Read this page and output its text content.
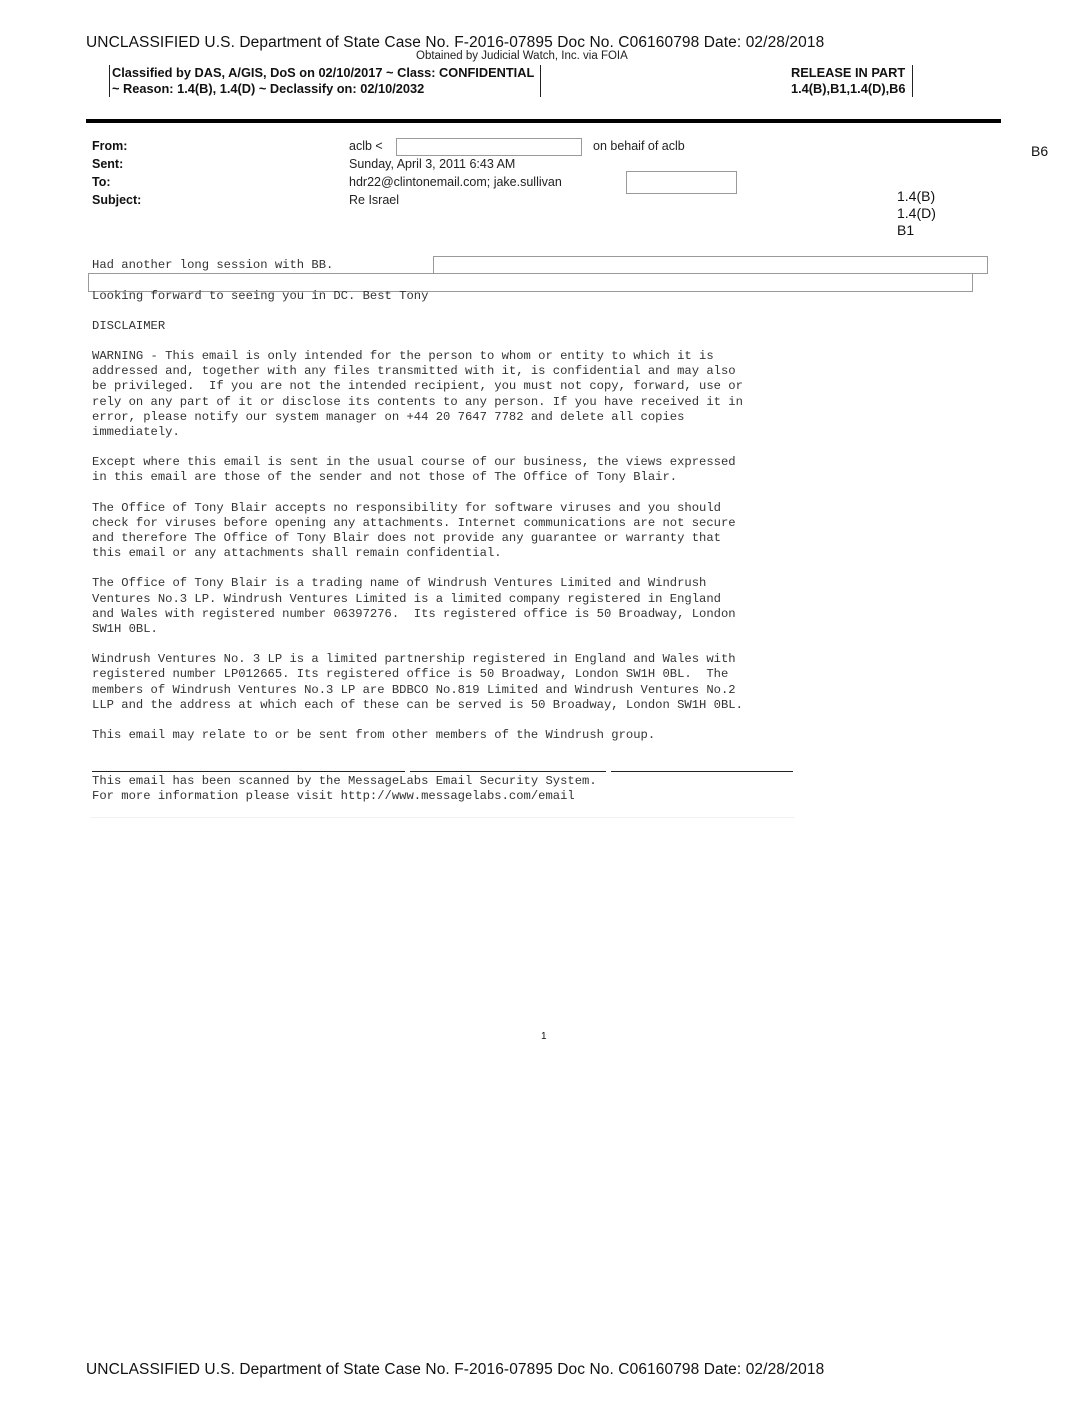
UNCLASSIFIED U.S. Department of State Case No. F-2016-07895 Doc No. C06160798 Date: 02/28/2018
Obtained by Judicial Watch, Inc. via FOIA
Classified by DAS, A/GIS, DoS on 02/10/2017 ~ Class: CONFIDENTIAL
~ Reason: 1.4(B), 1.4(D) ~ Declassify on: 02/10/2032
RELEASE IN PART
1.4(B),B1,1.4(D),B6
From:
Sent:
To:
Subject:
aclb <	on behaif of aclb
Sunday, April 3, 2011 6:43 AM
hdr22@clintonemail.com; jake.sullivan
Re Israel
B6
1.4(B)
1.4(D)
B1
Had another long session with BB.
Looking forward to seeing you in DC. Best Tony
DISCLAIMER
WARNING - This email is only intended for the person to whom or entity to which it is
addressed and, together with any files transmitted with it, is confidential and may also
be privileged.  If you are not the intended recipient, you must not copy, forward, use or
rely on any part of it or disclose its contents to any person. If you have received it in
error, please notify our system manager on +44 20 7647 7782 and delete all copies
immediately.
Except where this email is sent in the usual course of our business, the views expressed
in this email are those of the sender and not those of The Office of Tony Blair.
The Office of Tony Blair accepts no responsibility for software viruses and you should
check for viruses before opening any attachments. Internet communications are not secure
and therefore The Office of Tony Blair does not provide any guarantee or warranty that
this email or any attachments shall remain confidential.
The Office of Tony Blair is a trading name of Windrush Ventures Limited and Windrush
Ventures No.3 LP. Windrush Ventures Limited is a limited company registered in England
and Wales with registered number 06397276.  Its registered office is 50 Broadway, London
SW1H 0BL.
Windrush Ventures No. 3 LP is a limited partnership registered in England and Wales with
registered number LP012665. Its registered office is 50 Broadway, London SW1H 0BL.  The
members of Windrush Ventures No.3 LP are BDBCO No.819 Limited and Windrush Ventures No.2
LLP and the address at which each of these can be served is 50 Broadway, London SW1H 0BL.
This email may relate to or be sent from other members of the Windrush group.
This email has been scanned by the MessageLabs Email Security System.
For more information please visit http://www.messagelabs.com/email
1
UNCLASSIFIED U.S. Department of State Case No. F-2016-07895 Doc No. C06160798 Date: 02/28/2018
